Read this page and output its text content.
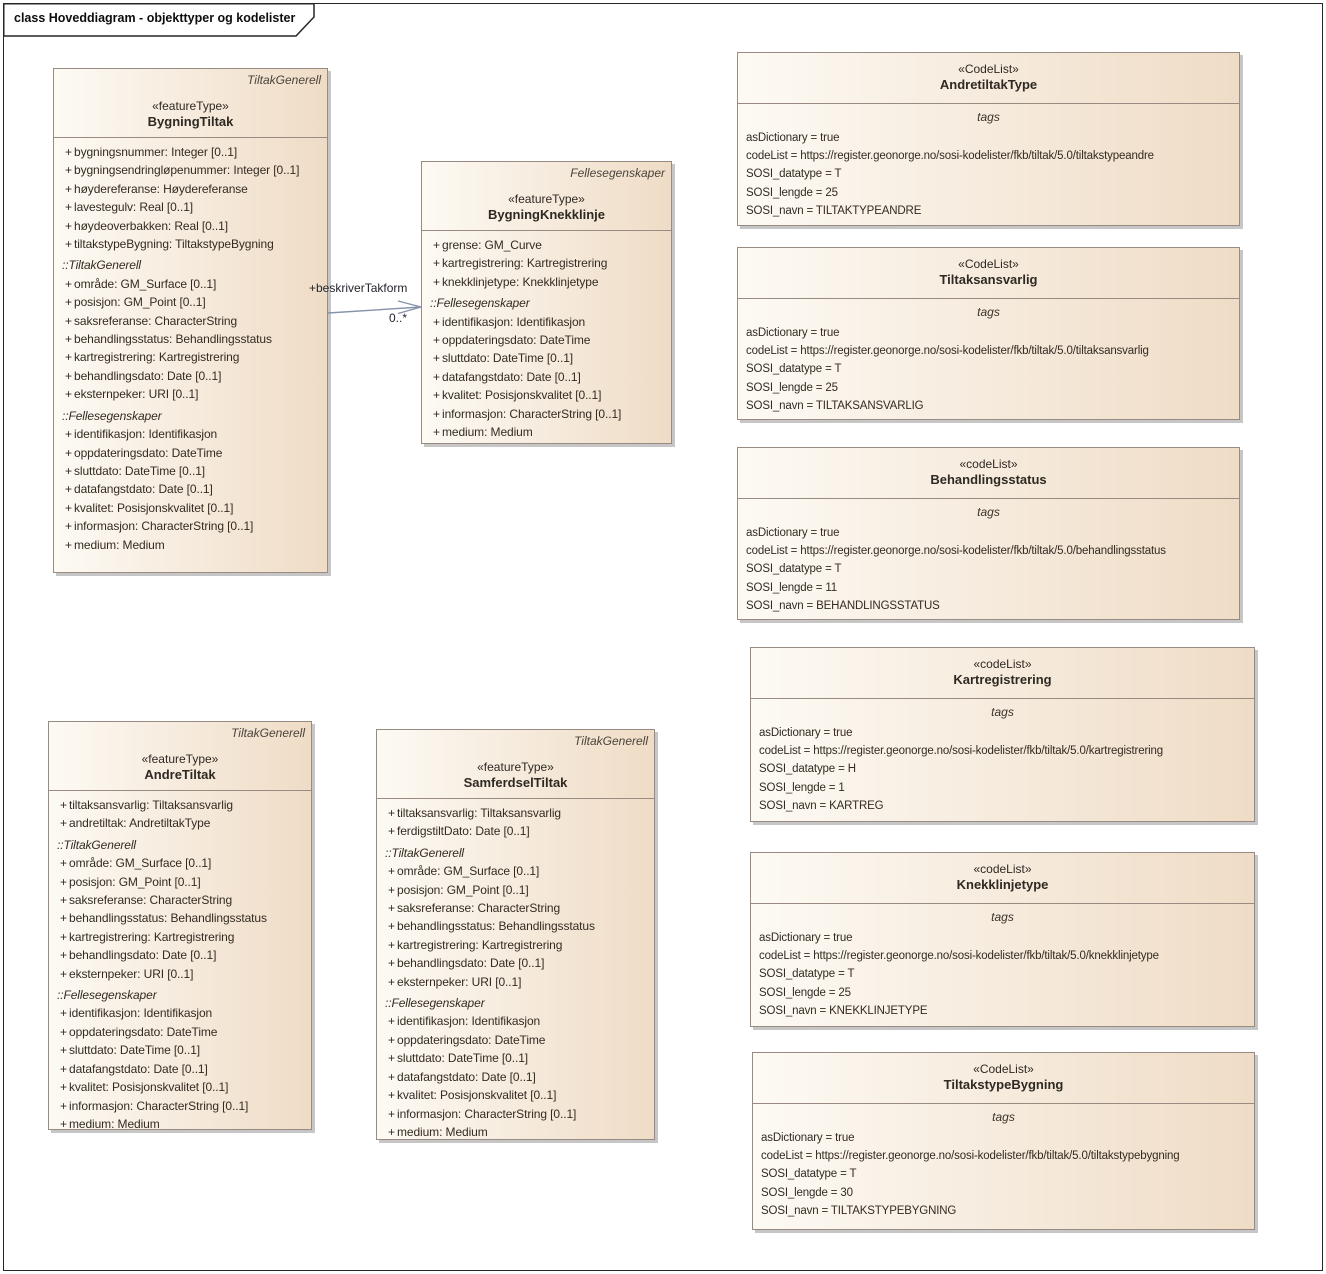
class Hoveddiagram - objekttyper og kodelister
TiltakGenerell
«featureType»
BygningTiltak
+ bygningsnummer: Integer [0..1]
+ bygningsendringløpenummer: Integer [0..1]
+ høydereferanse: Høydereferanse
+ lavestegulv: Real [0..1]
+ høydeoverbakken: Real [0..1]
+ tiltakstypeBygning: TiltakstypeBygning
::TiltakGenerell
+ område: GM_Surface [0..1]
+ posisjon: GM_Point [0..1]
+ saksreferanse: CharacterString
+ behandlingsstatus: Behandlingsstatus
+ kartregistrering: Kartregistrering
+ behandlingsdato: Date [0..1]
+ eksternpeker: URI [0..1]
::Fellesegenskaper
+ identifikasjon: Identifikasjon
+ oppdateringsdato: DateTime
+ sluttdato: DateTime [0..1]
+ datafangstdato: Date [0..1]
+ kvalitet: Posisjonskvalitet [0..1]
+ informasjon: CharacterString [0..1]
+ medium: Medium
Fellesegenskaper
«featureType»
BygningKnekklinje
+ grense: GM_Curve
+ kartregistrering: Kartregistrering
+ knekklinjetype: Knekklinjetype
::Fellesegenskaper
+ identifikasjon: Identifikasjon
+ oppdateringsdato: DateTime
+ sluttdato: DateTime [0..1]
+ datafangstdato: Date [0..1]
+ kvalitet: Posisjonskvalitet [0..1]
+ informasjon: CharacterString [0..1]
+ medium: Medium
TiltakGenerell
«featureType»
AndreTiltak
+ tiltaksansvarlig: Tiltaksansvarlig
+ andretiltak: AndretiltakType
::TiltakGenerell
+ område: GM_Surface [0..1]
+ posisjon: GM_Point [0..1]
+ saksreferanse: CharacterString
+ behandlingsstatus: Behandlingsstatus
+ kartregistrering: Kartregistrering
+ behandlingsdato: Date [0..1]
+ eksternpeker: URI [0..1]
::Fellesegenskaper
+ identifikasjon: Identifikasjon
+ oppdateringsdato: DateTime
+ sluttdato: DateTime [0..1]
+ datafangstdato: Date [0..1]
+ kvalitet: Posisjonskvalitet [0..1]
+ informasjon: CharacterString [0..1]
+ medium: Medium
TiltakGenerell
«featureType»
SamferdselTiltak
+ tiltaksansvarlig: Tiltaksansvarlig
+ ferdigstiltDato: Date [0..1]
::TiltakGenerell
+ område: GM_Surface [0..1]
+ posisjon: GM_Point [0..1]
+ saksreferanse: CharacterString
+ behandlingsstatus: Behandlingsstatus
+ kartregistrering: Kartregistrering
+ behandlingsdato: Date [0..1]
+ eksternpeker: URI [0..1]
::Fellesegenskaper
+ identifikasjon: Identifikasjon
+ oppdateringsdato: DateTime
+ sluttdato: DateTime [0..1]
+ datafangstdato: Date [0..1]
+ kvalitet: Posisjonskvalitet [0..1]
+ informasjon: CharacterString [0..1]
+ medium: Medium
«CodeList»
AndretiltakType
tags
asDictionary = true
codeList = https://register.geonorge.no/sosi-kodelister/fkb/tiltak/5.0/tiltakstypeandre
SOSI_datatype = T
SOSI_lengde = 25
SOSI_navn = TILTAKTYPEANDRE
«CodeList»
Tiltaksansvarlig
tags
asDictionary = true
codeList = https://register.geonorge.no/sosi-kodelister/fkb/tiltak/5.0/tiltaksansvarlig
SOSI_datatype = T
SOSI_lengde = 25
SOSI_navn = TILTAKSANSVARLIG
«codeList»
Behandlingsstatus
tags
asDictionary = true
codeList = https://register.geonorge.no/sosi-kodelister/fkb/tiltak/5.0/behandlingsstatus
SOSI_datatype = T
SOSI_lengde = 11
SOSI_navn = BEHANDLINGSSTATUS
«codeList»
Kartregistrering
tags
asDictionary = true
codeList = https://register.geonorge.no/sosi-kodelister/fkb/tiltak/5.0/kartregistrering
SOSI_datatype = H
SOSI_lengde = 1
SOSI_navn = KARTREG
«codeList»
Knekklinjetype
tags
asDictionary = true
codeList = https://register.geonorge.no/sosi-kodelister/fkb/tiltak/5.0/knekklinjetype
SOSI_datatype = T
SOSI_lengde = 25
SOSI_navn = KNEKKLINJETYPE
«CodeList»
TiltakstypeBygning
tags
asDictionary = true
codeList = https://register.geonorge.no/sosi-kodelister/fkb/tiltak/5.0/tiltakstypebygning
SOSI_datatype = T
SOSI_lengde = 30
SOSI_navn = TILTAKSTYPEBYGNING
+beskriverTakform
0..*
